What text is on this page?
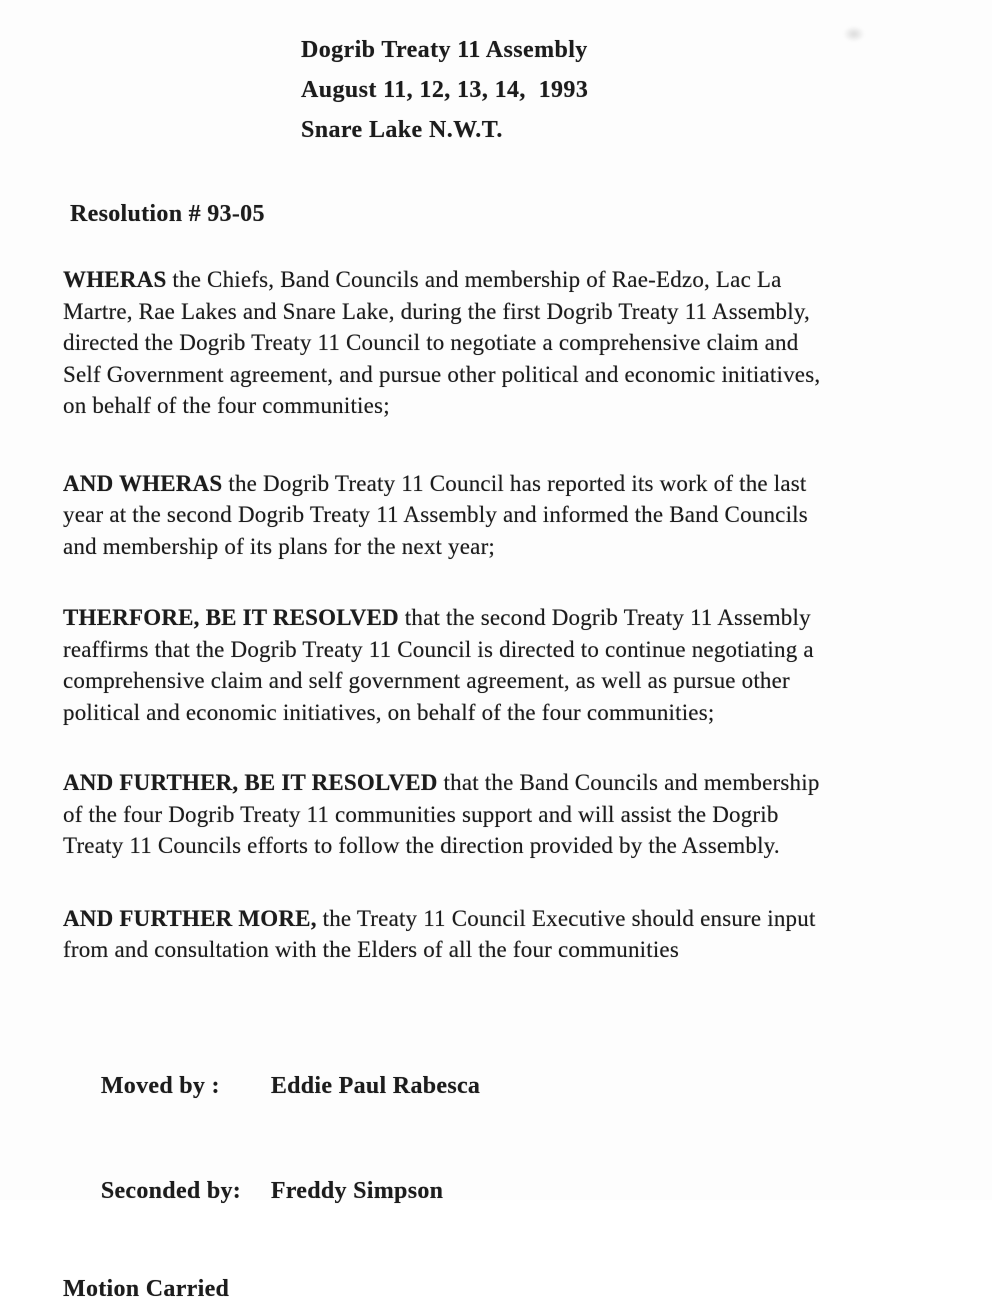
Dogrib Treaty 11 Assembly
August 11, 12, 13, 14,  1993
Snare Lake N.W.T.
Resolution # 93-05

WHERAS the Chiefs, Band Councils and membership of Rae-Edzo, Lac La
Martre, Rae Lakes and Snare Lake, during the first Dogrib Treaty 11 Assembly,
directed the Dogrib Treaty 11 Council to negotiate a comprehensive claim and
Self Government agreement, and pursue other political and economic initiatives,
on behalf of the four communities;

AND WHERAS the Dogrib Treaty 11 Council has reported its work of the last
year at the second Dogrib Treaty 11 Assembly and informed the Band Councils
and membership of its plans for the next year;

THERFORE, BE IT RESOLVED that the second Dogrib Treaty 11 Assembly
reaffirms that the Dogrib Treaty 11 Council is directed to continue negotiating a
comprehensive claim and self government agreement, as well as pursue other
political and economic initiatives, on behalf of the four communities;

AND FURTHER, BE IT RESOLVED that the Band Councils and membership
of the four Dogrib Treaty 11 communities support and will assist the Dogrib
Treaty 11 Councils efforts to follow the direction provided by the Assembly.

AND FURTHER MORE, the Treaty 11 Council Executive should ensure input
from and consultation with the Elders of all the four communities

Moved by : Eddie Paul Rabesca

Seconded by: Freddy Simpson

Motion Carried
